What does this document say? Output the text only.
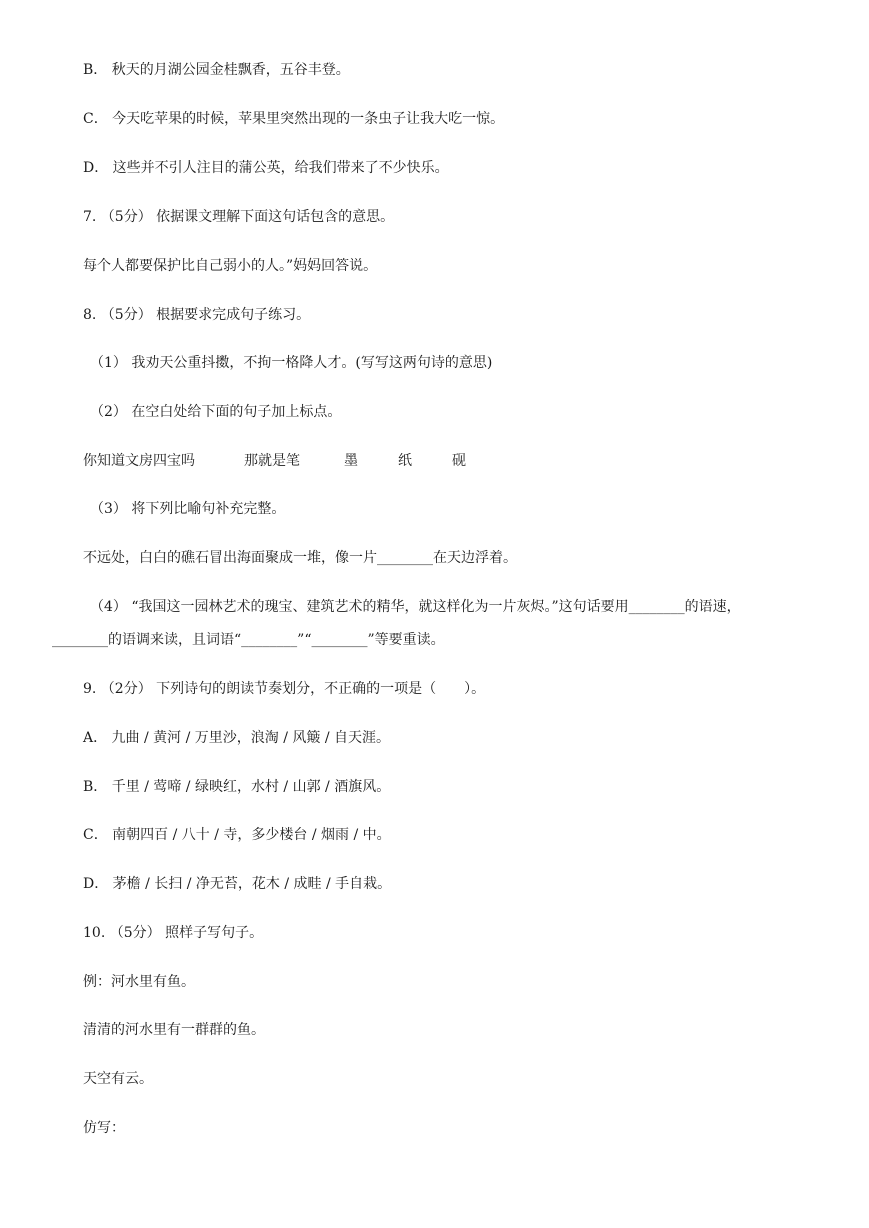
B． 秋天的月湖公园金桂飘香，五谷丰登。
C． 今天吃苹果的时候，苹果里突然出现的一条虫子让我大吃一惊。
D． 这些并不引人注目的蒲公英，给我们带来了不少快乐。
7. （5分） 依据课文理解下面这句话包含的意思。
每个人都要保护比自己弱小的人。”妈妈回答说。
8. （5分） 根据要求完成句子练习。
（1） 我劝天公重抖擞，不拘一格降人才。(写写这两句诗的意思)
（2） 在空白处给下面的句子加上标点。
你知道文房四宝吗	那就是笔	墨	纸	砚
（3） 将下列比喻句补充完整。
不远处，白白的礁石冒出海面聚成一堆，像一片________在天边浮着。
（4） “我国这一园林艺术的瑰宝、建筑艺术的精华，就这样化为一片灰烬。”这句话要用________的语速，
________的语调来读，且词语“________”“________”等要重读。
9. （2分） 下列诗句的朗读节奏划分，不正确的一项是（　　）。
A． 九曲 / 黄河 / 万里沙，浪淘 / 风簸 / 自天涯。
B． 千里 / 莺啼 / 绿映红，水村 / 山郭 / 酒旗风。
C． 南朝四百 / 八十 / 寺，多少楼台 / 烟雨 / 中。
D． 茅檐 / 长扫 / 净无苔，花木 / 成畦 / 手自栽。
10. （5分） 照样子写句子。
例：河水里有鱼。
清清的河水里有一群群的鱼。
天空有云。
仿写：
